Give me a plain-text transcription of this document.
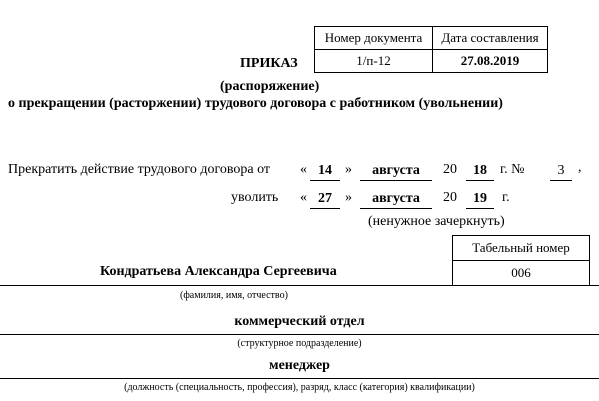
Номер документа	Дата составления
1/п-12	27.08.2019
ПРИКАЗ
(распоряжение)
о прекращении (расторжении) трудового договора с работником (увольнении)
Прекратить действие трудового договора от « 14 »	августа	20	18 г. №	3 ,
уволить « 27 »	августа	20	19	г.
(ненужное зачеркнуть)
Табельный номер
006
Кондратьева Александра Сергеевича
(фамилия, имя, отчество)
коммерческий отдел
(структурное подразделение)
менеджер
(должность (специальность, профессия), разряд, класс (категория) квалификации)
